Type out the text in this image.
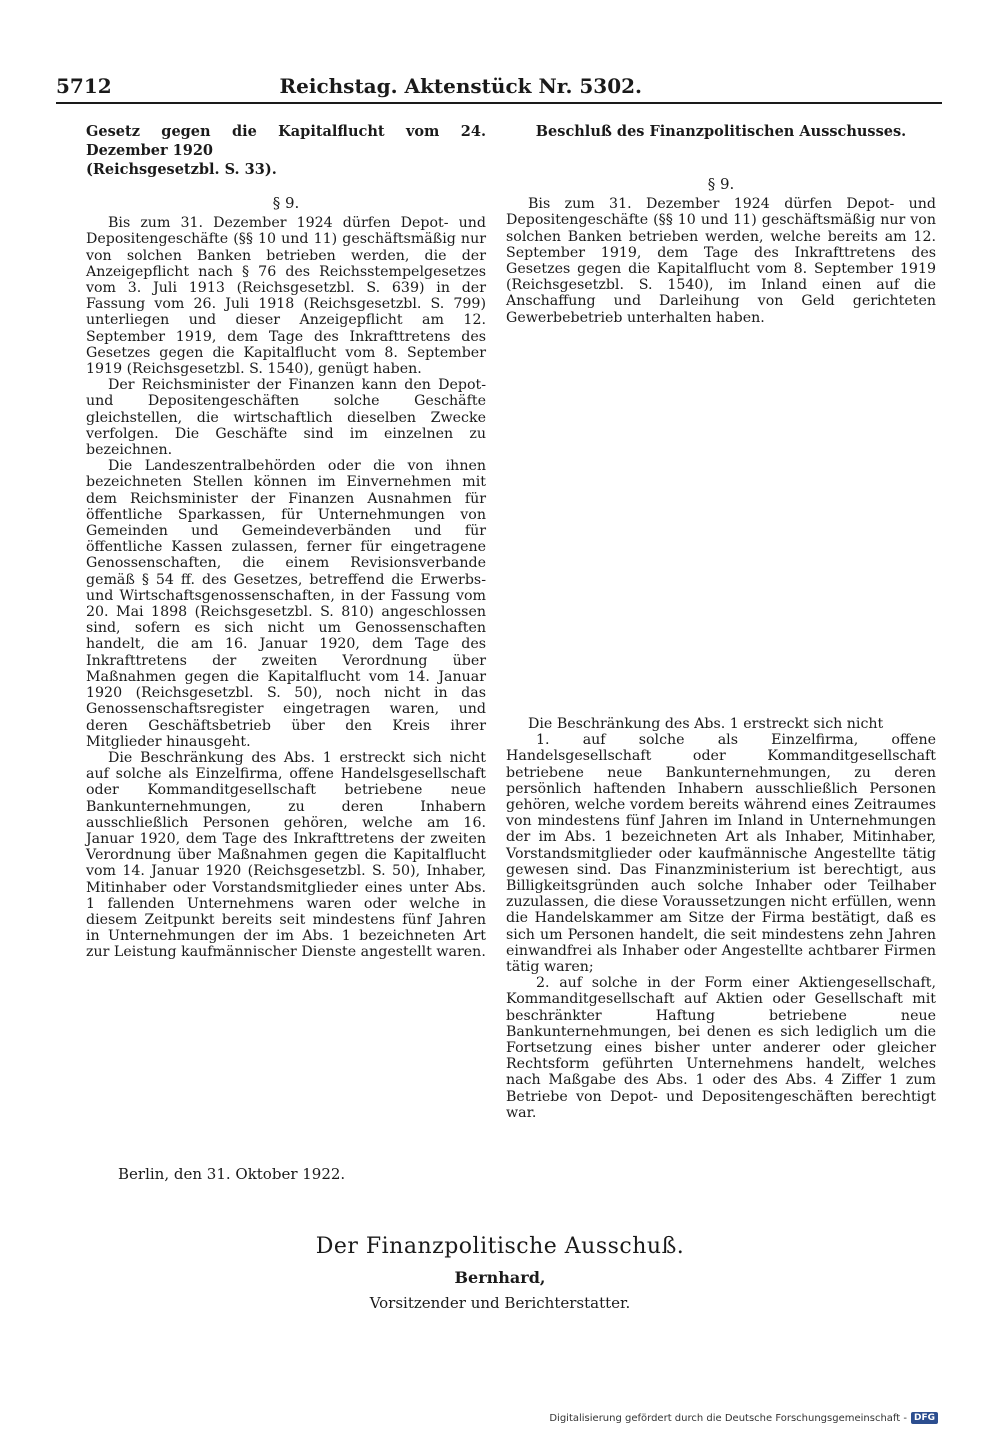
5712	Reichstag. Aktenstück Nr. 5302.
Gesetz gegen die Kapitalflucht vom 24. Dezember 1920
(Reichsgesetzbl. S. 33).
§ 9.

Bis zum 31. Dezember 1924 dürfen Depot- und Depositengeschäfte (§§ 10 und 11) geschäftsmäßig nur von solchen Banken betrieben werden, die der Anzeigepflicht nach § 76 des Reichsstempelgesetzes vom 3. Juli 1913 (Reichsgesetzbl. S. 639) in der Fassung vom 26. Juli 1918 (Reichsgesetzbl. S. 799) unterliegen und dieser Anzeigepflicht am 12. September 1919, dem Tage des Inkrafttretens des Gesetzes gegen die Kapitalflucht vom 8. September 1919 (Reichsgesetzbl. S. 1540), genügt haben.

Der Reichsminister der Finanzen kann den Depot- und Depositengeschäften solche Geschäfte gleichstellen, die wirtschaftlich dieselben Zwecke verfolgen. Die Geschäfte sind im einzelnen zu bezeichnen.

Die Landeszentralbehörden oder die von ihnen bezeichneten Stellen können im Einvernehmen mit dem Reichsminister der Finanzen Ausnahmen für öffentliche Sparkassen, für Unternehmungen von Gemeinden und Gemeindeverbänden und für öffentliche Kassen zulassen, ferner für eingetragene Genossenschaften, die einem Revisionsverbande gemäß § 54 ff. des Gesetzes, betreffend die Erwerbs- und Wirtschaftsgenossenschaften, in der Fassung vom 20. Mai 1898 (Reichsgesetzbl. S. 810) angeschlossen sind, sofern es sich nicht um Genossenschaften handelt, die am 16. Januar 1920, dem Tage des Inkrafttretens der zweiten Verordnung über Maßnahmen gegen die Kapitalflucht vom 14. Januar 1920 (Reichsgesetzbl. S. 50), noch nicht in das Genossenschaftsregister eingetragen waren, und deren Geschäftsbetrieb über den Kreis ihrer Mitglieder hinausgeht.

Die Beschränkung des Abs. 1 erstreckt sich nicht auf solche als Einzelfirma, offene Handelsgesellschaft oder Kommanditgesellschaft betriebene neue Bankunternehmungen, zu deren Inhabern ausschließlich Personen gehören, welche am 16. Januar 1920, dem Tage des Inkrafttretens der zweiten Verordnung über Maßnahmen gegen die Kapitalflucht vom 14. Januar 1920 (Reichsgesetzbl. S. 50), Inhaber, Mitinhaber oder Vorstandsmitglieder eines unter Abs. 1 fallenden Unternehmens waren oder welche in diesem Zeitpunkt bereits seit mindestens fünf Jahren in Unternehmungen der im Abs. 1 bezeichneten Art zur Leistung kaufmännischer Dienste angestellt waren.

Beschluß des Finanzpolitischen Ausschusses.
§ 9.

Bis zum 31. Dezember 1924 dürfen Depot- und Depositengeschäfte (§§ 10 und 11) geschäftsmäßig nur von solchen Banken betrieben werden, welche bereits am 12. September 1919, dem Tage des Inkrafttretens des Gesetzes gegen die Kapitalflucht vom 8. September 1919 (Reichsgesetzbl. S. 1540), im Inland einen auf die Anschaffung und Darleihung von Geld gerichteten Gewerbebetrieb unterhalten haben.

Die Beschränkung des Abs. 1 erstreckt sich nicht

1. auf solche als Einzelfirma, offene Handelsgesellschaft oder Kommanditgesellschaft betriebene neue Bankunternehmungen, zu deren persönlich haftenden Inhabern ausschließlich Personen gehören, welche vordem bereits während eines Zeitraumes von mindestens fünf Jahren im Inland in Unternehmungen der im Abs. 1 bezeichneten Art als Inhaber, Mitinhaber, Vorstandsmitglieder oder kaufmännische Angestellte tätig gewesen sind. Das Finanzministerium ist berechtigt, aus Billigkeitsgründen auch solche Inhaber oder Teilhaber zuzulassen, die diese Voraussetzungen nicht erfüllen, wenn die Handelskammer am Sitze der Firma bestätigt, daß es sich um Personen handelt, die seit mindestens zehn Jahren einwandfrei als Inhaber oder Angestellte achtbarer Firmen tätig waren;

2. auf solche in der Form einer Aktiengesellschaft, Kommanditgesellschaft auf Aktien oder Gesellschaft mit beschränkter Haftung betriebene neue Bankunternehmungen, bei denen es sich lediglich um die Fortsetzung eines bisher unter anderer oder gleicher Rechtsform geführten Unternehmens handelt, welches nach Maßgabe des Abs. 1 oder des Abs. 4 Ziffer 1 zum Betriebe von Depot- und Depositengeschäften berechtigt war.

Berlin, den 31. Oktober 1922.
Der Finanzpolitische Ausschuß.
Bernhard,
Vorsitzender und Berichterstatter.
Digitalisierung gefördert durch die Deutsche Forschungsgemeinschaft - DFG
